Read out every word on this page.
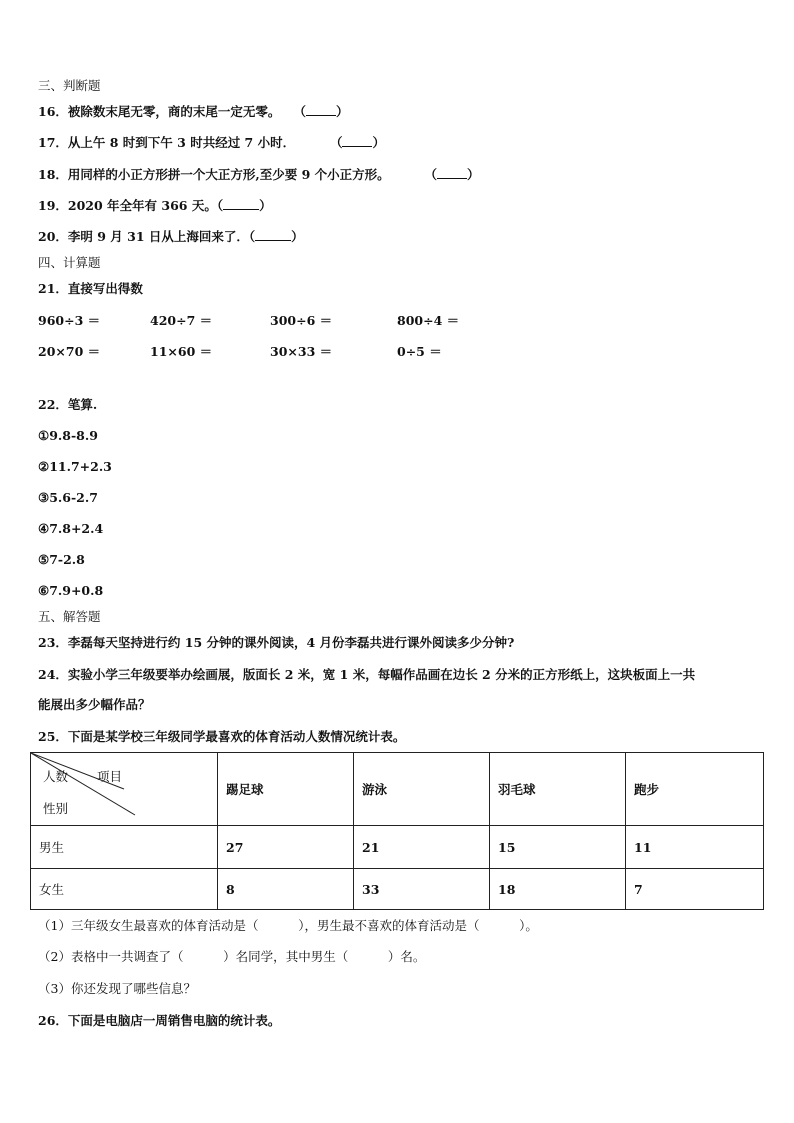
三、判断题
16．被除数末尾无零，商的末尾一定无零。 （ ）
17．从上午 8 时到下午 3 时共经过 7 小时．	（ ）
18．用同样的小正方形拼一个大正方形,至少要 9 个小正方形。	（ ）
19．2020 年全年有 366 天。（	）
20．李明 9 月 31 日从上海回来了．（	）
四、计算题
21．直接写出得数
960÷3 ＝	420÷7 ＝	300÷6 ＝	800÷4 ＝
20×70 ＝	11×60 ＝	30×33 ＝	0÷5 ＝
22．笔算.
①9.8-8.9
②11.7+2.3
③5.6-2.7
④7.8+2.4
⑤7-2.8
⑥7.9+0.8
五、解答题
23．李磊每天坚持进行约 15 分钟的课外阅读，4 月份李磊共进行课外阅读多少分钟?
24．实验小学三年级要举办绘画展，版面长 2 米，宽 1 米，每幅作品画在边长 2 分米的正方形纸上，这块板面上一共
能展出多少幅作品？
25．下面是某学校三年级同学最喜欢的体育活动人数情况统计表。
人数 项目
性别	踢足球	游泳	羽毛球	跑步
男生	27	21	15	11
女生	8	33	18	7
（1）三年级女生最喜欢的体育活动是（          ），男生最不喜欢的体育活动是（          ）。
（2）表格中一共调查了（          ）名同学，其中男生（          ）名。
（3）你还发现了哪些信息？
26．下面是电脑店一周销售电脑的统计表。
